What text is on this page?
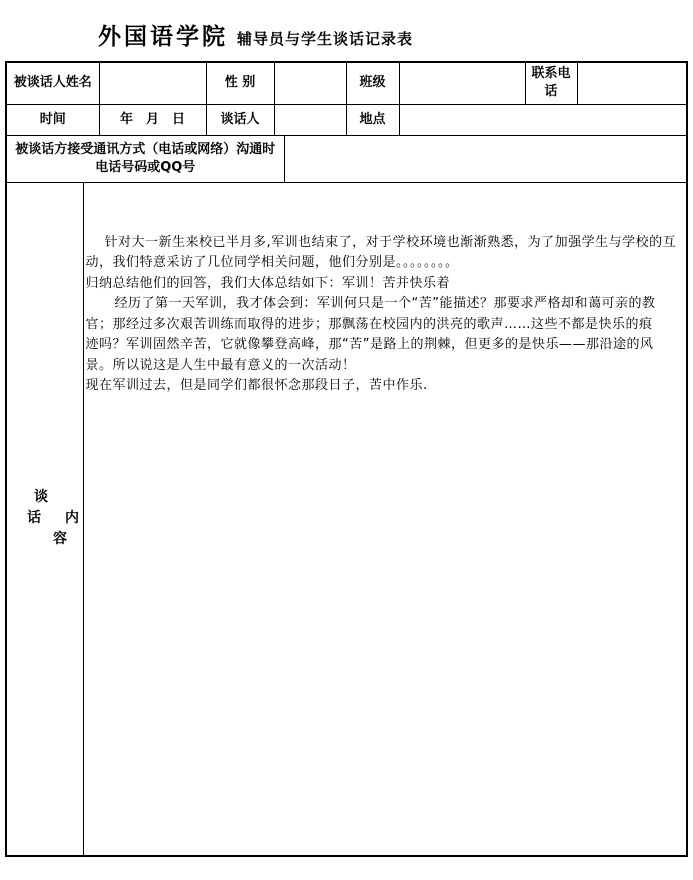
外国语学院 辅导员与学生谈话记录表
被谈话人姓名			性 别			班级		联系电话	
时间		年　月　日	谈话人			地点			
被谈话方接受通讯方式（电话或网络）沟通时电话号码或QQ号									

谈
话 内
容

针对大一新生来校已半月多,军训也结束了，对于学校环境也渐渐熟悉，为了加强学生与学校的互
动，我们特意采访了几位同学相关问题，他们分别是。。。。。。。。
归纳总结他们的回答，我们大体总结如下：军训！苦并快乐着
经历了第一天军训，我才体会到：军训何只是一个“苦”能描述？那要求严格却和蔼可亲的教
官；那经过多次艰苦训练而取得的进步；那飘荡在校园内的洪亮的歌声……这些不都是快乐的痕
迹吗？军训固然辛苦，它就像攀登高峰，那“苦”是路上的荆棘，但更多的是快乐——那沿途的风
景。所以说这是人生中最有意义的一次活动！
现在军训过去，但是同学们都很怀念那段日子，苦中作乐.
